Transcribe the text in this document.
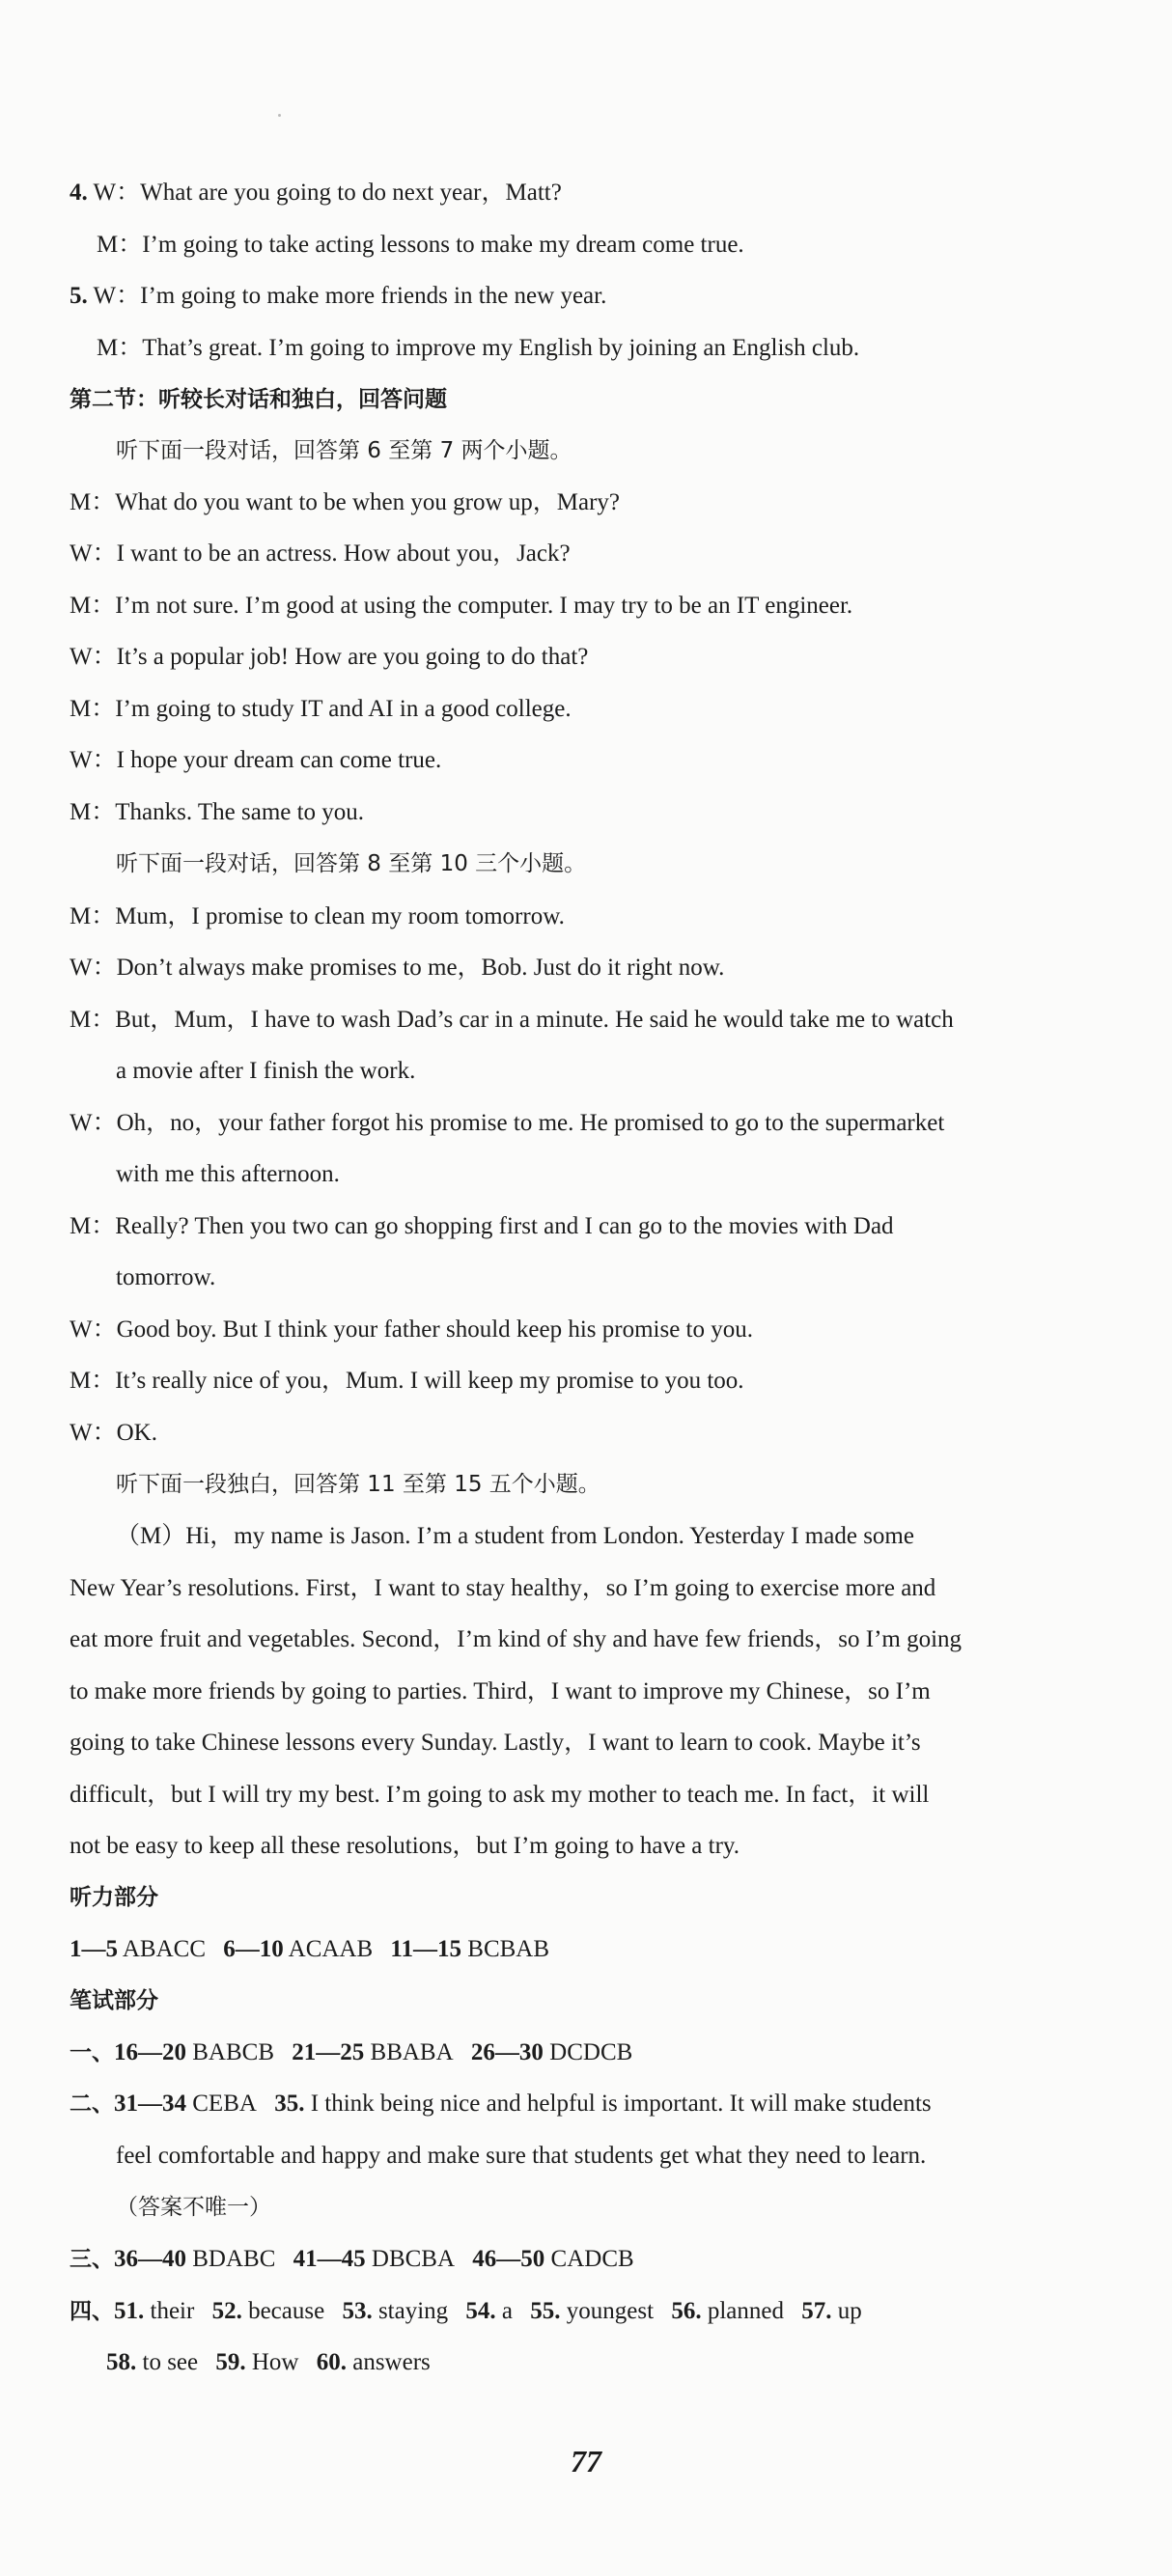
4. W：What are you going to do next year，Matt?
M：I’m going to take acting lessons to make my dream come true.
5. W：I’m going to make more friends in the new year.
M：That’s great. I’m going to improve my English by joining an English club.
第二节：听较长对话和独白，回答问题
听下面一段对话，回答第 6 至第 7 两个小题。
M：What do you want to be when you grow up，Mary?
W：I want to be an actress. How about you，Jack?
M：I’m not sure. I’m good at using the computer. I may try to be an IT engineer.
W：It’s a popular job! How are you going to do that?
M：I’m going to study IT and AI in a good college.
W：I hope your dream can come true.
M：Thanks. The same to you.
听下面一段对话，回答第 8 至第 10 三个小题。
M：Mum，I promise to clean my room tomorrow.
W：Don’t always make promises to me，Bob. Just do it right now.
M：But，Mum，I have to wash Dad’s car in a minute. He said he would take me to watch
a movie after I finish the work.
W：Oh，no，your father forgot his promise to me. He promised to go to the supermarket
with me this afternoon.
M：Really? Then you two can go shopping first and I can go to the movies with Dad
tomorrow.
W：Good boy. But I think your father should keep his promise to you.
M：It’s really nice of you，Mum. I will keep my promise to you too.
W：OK.
听下面一段独白，回答第 11 至第 15 五个小题。
（M）Hi，my name is Jason. I’m a student from London. Yesterday I made some
New Year’s resolutions. First，I want to stay healthy，so I’m going to exercise more and
eat more fruit and vegetables. Second，I’m kind of shy and have few friends，so I’m going
to make more friends by going to parties. Third，I want to improve my Chinese，so I’m
going to take Chinese lessons every Sunday. Lastly，I want to learn to cook. Maybe it’s
difficult，but I will try my best. I’m going to ask my mother to teach me. In fact，it will
not be easy to keep all these resolutions，but I’m going to have a try.
听力部分
1—5 ABACC 6—10 ACAAB 11—15 BCBAB
笔试部分
一、16—20 BABCB 21—25 BBABA 26—30 DCDCB
二、31—34 CEBA 35. I think being nice and helpful is important. It will make students
feel comfortable and happy and make sure that students get what they need to learn.
（答案不唯一）
三、36—40 BDABC 41—45 DBCBA 46—50 CADCB
四、51. their 52. because 53. staying 54. a 55. youngest 56. planned 57. up
58. to see 59. How 60. answers
77
